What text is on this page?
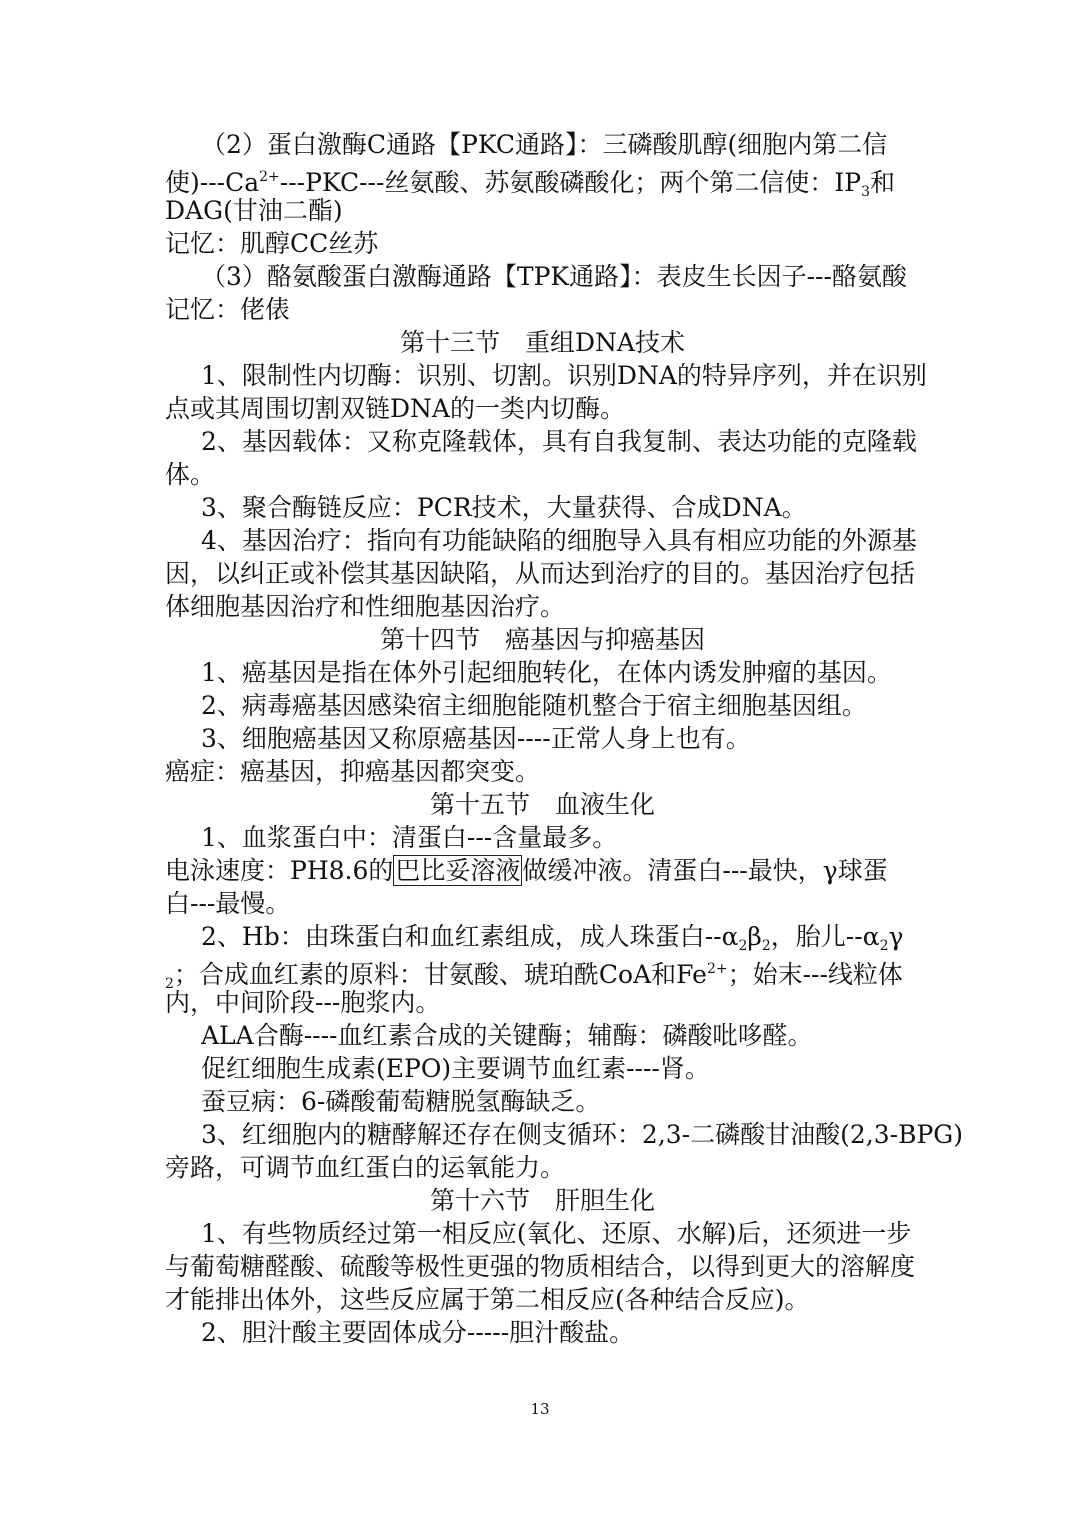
（2）蛋白激酶C通路【PKC通路】：三磷酸肌醇(细胞内第二信
使)$---Ca^{2+}---PKC---$丝氨酸、苏氨酸磷酸化；两个第二信使：$IP_3$和
DAG(甘油二酯)
记忆：肌醇CC丝苏
（3）酪氨酸蛋白激酶通路【TPK通路】：表皮生长因子---酪氨酸
记忆：佬俵
第十三节　重组DNA技术
1、限制性内切酶：识别、切割。识别DNA的特异序列，并在识别
点或其周围切割双链DNA的一类内切酶。
2、基因载体：又称克隆载体，具有自我复制、表达功能的克隆载
体。
3、聚合酶链反应：PCR技术，大量获得、合成DNA。
4、基因治疗：指向有功能缺陷的细胞导入具有相应功能的外源基
因，以纠正或补偿其基因缺陷，从而达到治疗的目的。基因治疗包括
体细胞基因治疗和性细胞基因治疗。
第十四节　癌基因与抑癌基因
1、癌基因是指在体外引起细胞转化，在体内诱发肿瘤的基因。
2、病毒癌基因感染宿主细胞能随机整合于宿主细胞基因组。
3、细胞癌基因又称原癌基因----正常人身上也有。
癌症：癌基因，抑癌基因都突变。
第十五节　血液生化
1、血浆蛋白中：清蛋白---含量最多。
电泳速度：PH8.6的巴比妥溶液做缓冲液。清蛋白---最快，γ球蛋
白---最慢。
2、Hb：由珠蛋白和血红素组成，成人珠蛋白$--\alpha_2\beta_2$，胎儿$--\alpha_2\gamma$
$_2$；合成血红素的原料：甘氨酸、琥珀酰CoA和$Fe^{2+}$；始末---线粒体
内，中间阶段---胞浆内。
ALA合酶----血红素合成的关键酶；辅酶：磷酸吡哆醛。
促红细胞生成素(EPO)主要调节血红素----肾。
蚕豆病：6-磷酸葡萄糖脱氢酶缺乏。
3、红细胞内的糖酵解还存在侧支循环：2,3-二磷酸甘油酸(2,3-BPG)
旁路，可调节血红蛋白的运氧能力。
第十六节　肝胆生化
1、有些物质经过第一相反应(氧化、还原、水解)后，还须进一步
与葡萄糖醛酸、硫酸等极性更强的物质相结合，以得到更大的溶解度
才能排出体外，这些反应属于第二相反应(各种结合反应)。
2、胆汁酸主要固体成分-----胆汁酸盐。
13
